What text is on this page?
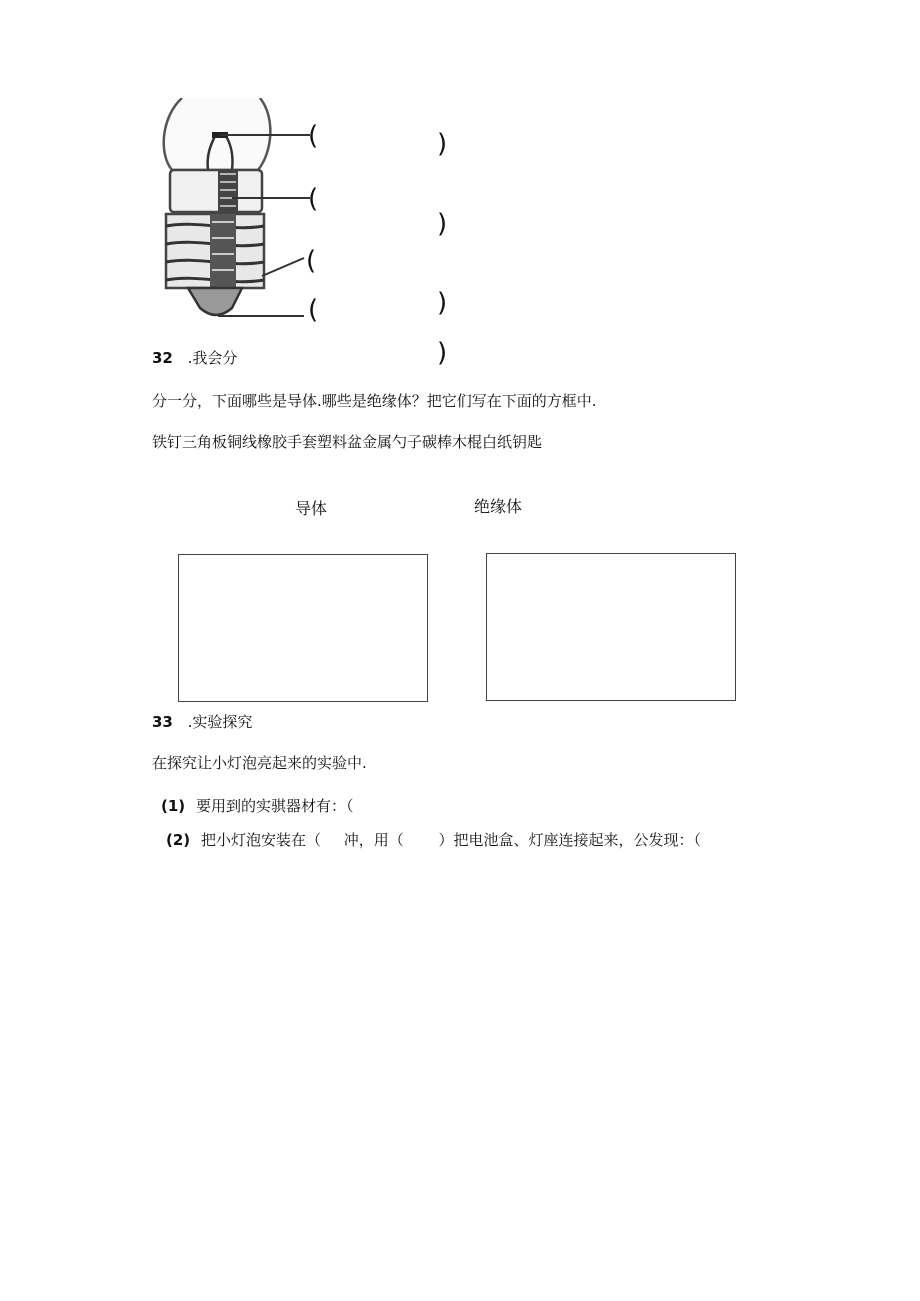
(
(
(
(
)
)
)
)
32 .我会分
分一分，下面哪些是导体.哪些是绝缘体？把它们写在下面的方框中.
铁钉三角板铜线橡胶手套塑料盆金属勺子碳棒木棍白纸钥匙
导体	绝缘体
33 .实验探究
在探究让小灯泡亮起来的实验中.
(1) 要用到的实骐器材有：（
(2) 把小灯泡安装在（ 冲，用（ ）把电池盒、灯座连接起来，公发现：（
